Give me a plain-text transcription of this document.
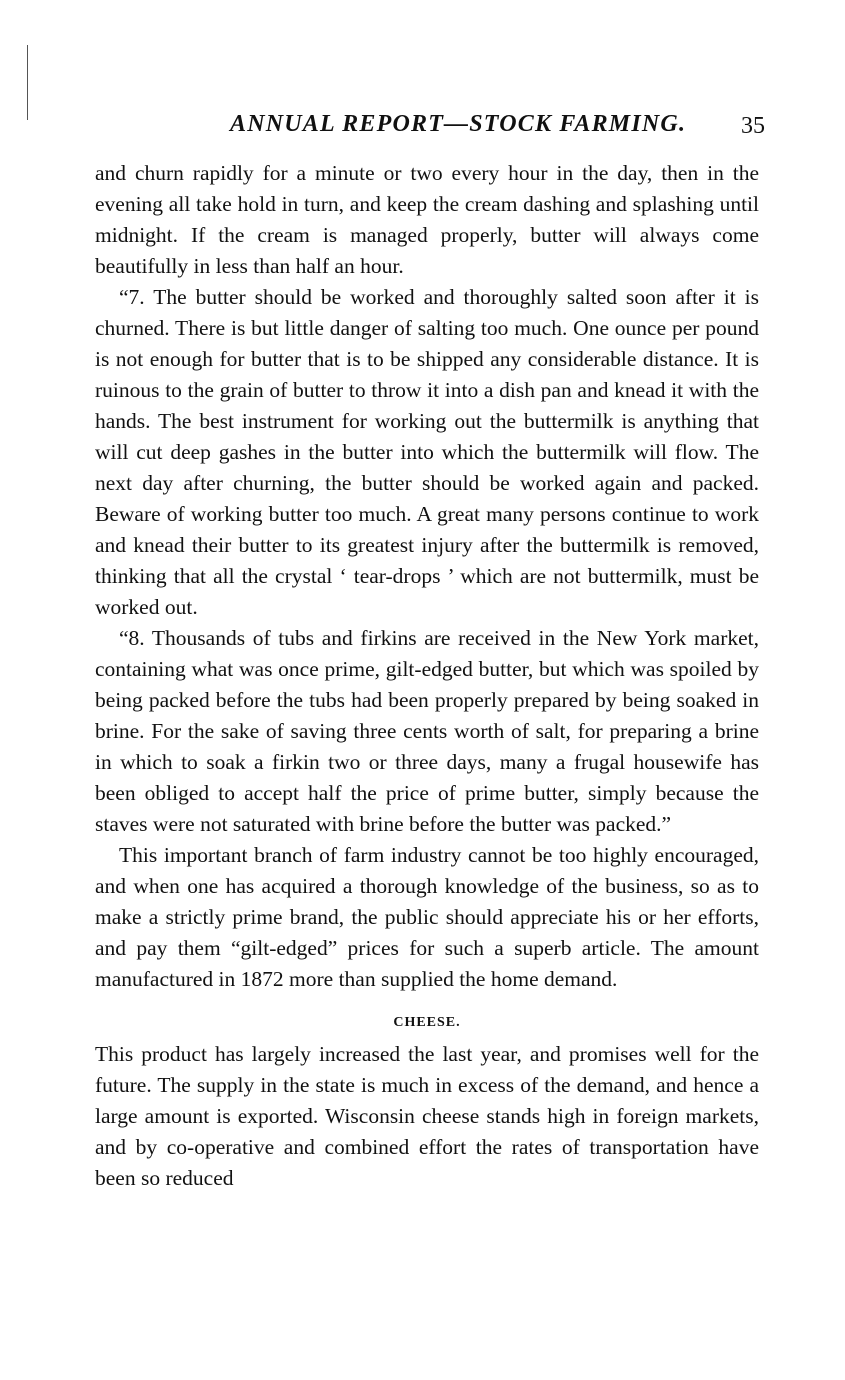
ANNUAL REPORT—STOCK FARMING. 35

and churn rapidly for a minute or two every hour in the day, then in the evening all take hold in turn, and keep the cream dashing and splashing until midnight. If the cream is managed properly, butter will always come beautifully in less than half an hour.

“7. The butter should be worked and thoroughly salted soon after it is churned. There is but little danger of salting too much. One ounce per pound is not enough for butter that is to be shipped any considerable distance. It is ruinous to the grain of butter to throw it into a dish pan and knead it with the hands. The best instrument for working out the buttermilk is anything that will cut deep gashes in the butter into which the buttermilk will flow. The next day after churning, the butter should be worked again and packed. Beware of working butter too much. A great many persons continue to work and knead their butter to its greatest injury after the buttermilk is removed, thinking that all the crystal ‘ tear-drops ’ which are not buttermilk, must be worked out.

“8. Thousands of tubs and firkins are received in the New York market, containing what was once prime, gilt-edged butter, but which was spoiled by being packed before the tubs had been properly prepared by being soaked in brine. For the sake of saving three cents worth of salt, for preparing a brine in which to soak a firkin two or three days, many a frugal housewife has been obliged to accept half the price of prime butter, simply because the staves were not saturated with brine before the butter was packed.”

This important branch of farm industry cannot be too highly encouraged, and when one has acquired a thorough knowledge of the business, so as to make a strictly prime brand, the public should appreciate his or her efforts, and pay them “gilt-edged” prices for such a superb article. The amount manufactured in 1872 more than supplied the home demand.

CHEESE.

This product has largely increased the last year, and promises well for the future. The supply in the state is much in excess of the demand, and hence a large amount is exported. Wisconsin cheese stands high in foreign markets, and by co-operative and combined effort the rates of transportation have been so reduced
